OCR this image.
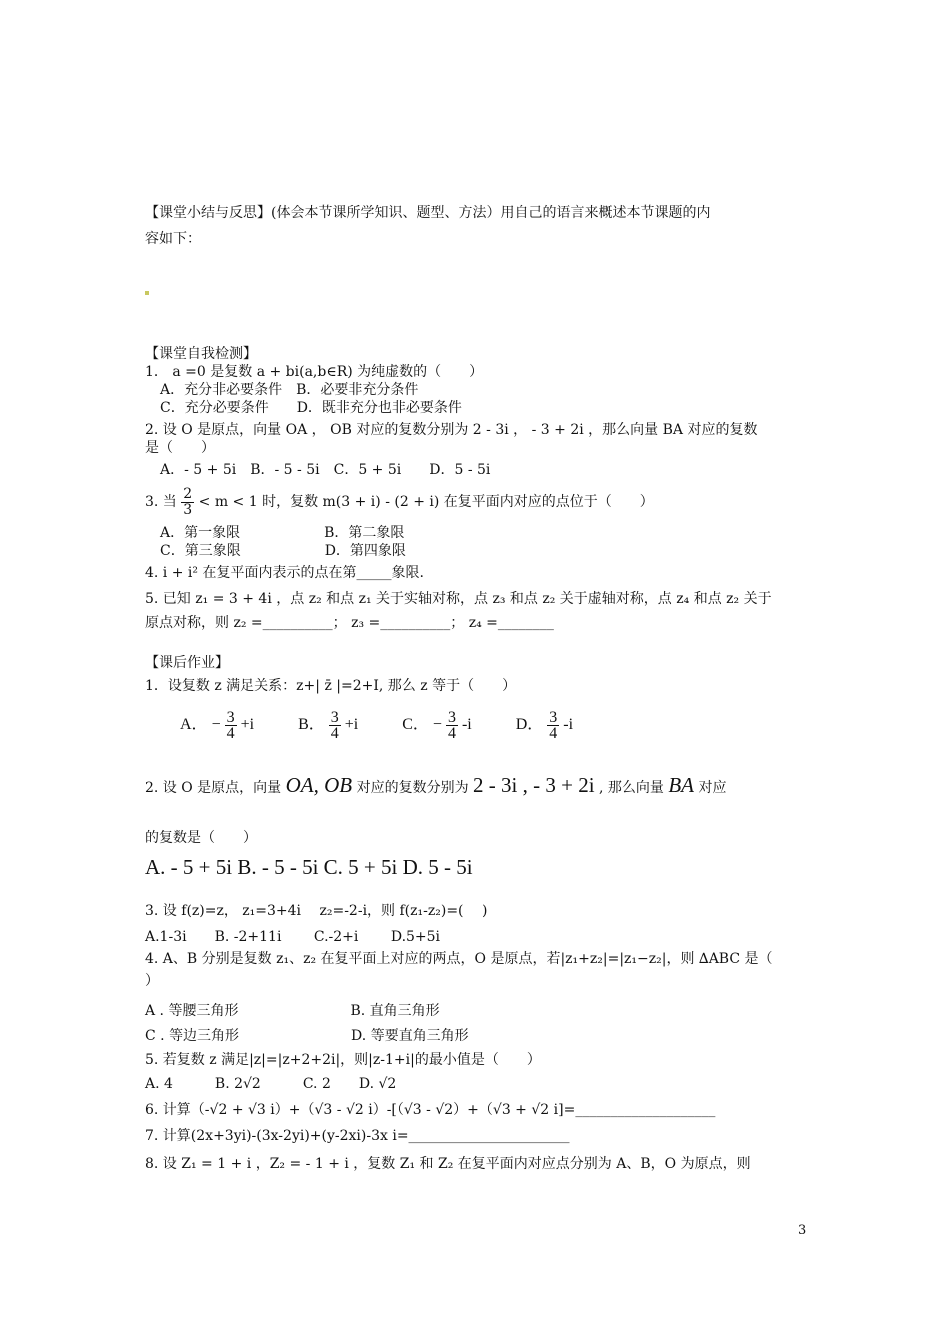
【课堂小结与反思】(体会本节课所学知识、题型、方法）用自己的语言来概述本节课题的内
容如下：
【课堂自我检测】
1． a =0 是复数 a + bi(a,b∈R) 为纯虚数的（　　）
A．充分非必要条件　B．必要非充分条件
C．充分必要条件　　D．既非充分也非必要条件
2. 设 O 是原点，向量 OA ， OB 对应的复数分别为 2 - 3i ， - 3 + 2i ，那么向量 BA 对应的复数
是（　　）
A．- 5 + 5i　B．- 5 - 5i　C．5 + 5i　　D．5 - 5i
3. 当 $\frac{2}{3} < m < 1$ 时，复数 m(3 + i) - (2 + i) 在复平面内对应的点位于（　　）
A．第一象限　　　　　　B．第二象限
C．第三象限　　　　　　D．第四象限
4. i + i² 在复平面内表示的点在第_____象限.
5. 已知 z₁ = 3 + 4i ，点 z₂ 和点 z₁ 关于实轴对称，点 z₃ 和点 z₂ 关于虚轴对称，点 z₄ 和点 z₂ 关于
原点对称，则 z₂ =__________； z₃ =__________； z₄ =________
【课后作业】
1．设复数 z 满足关系：z+| z̄ |=2+I, 那么 z 等于（　　）
A． − $\frac{3}{4} +i$	B． $\frac{3}{4} +i$	C． − $\frac{3}{4} -i$	D． $\frac{3}{4} -i$
2. 设 O 是原点，向量 OA, OB 对应的复数分别为 2 - 3i , - 3 + 2i , 那么向量 BA 对应
的复数是（　　）
A. - 5 + 5i B. - 5 - 5i C. 5 + 5i D. 5 - 5i
3. 设 f(z)=z， z₁=3+4i　 z₂=-2-i，则 f(z₁-z₂)=(　 )
A.1-3i　　B. -2+11i　　 C.-2+i　　 D.5+5i
4. A、B 分别是复数 z₁、z₂ 在复平面上对应的两点，O 是原点，若|z₁+z₂|=|z₁−z₂|，则 ∆ABC 是（
）
A . 等腰三角形　　　　　　　　B. 直角三角形
C . 等边三角形　　　　　　　　D. 等要直角三角形
5. 若复数 z 满足|z|=|z+2+2i|，则|z-1+i|的最小值是（　　）
A. 4　　　B. 2√2　　　C. 2　　D. √2
6. 计算（-√2 + √3 i）+（√3 - √2 i）-[（√3 - √2）+（√3 + √2 i]=____________________
7. 计算(2x+3yi)-(3x-2yi)+(y-2xi)-3x i=_______________________
8. 设 Z₁ = 1 + i ，Z₂ = - 1 + i ，复数 Z₁ 和 Z₂ 在复平面内对应点分别为 A、B，O 为原点，则
3
